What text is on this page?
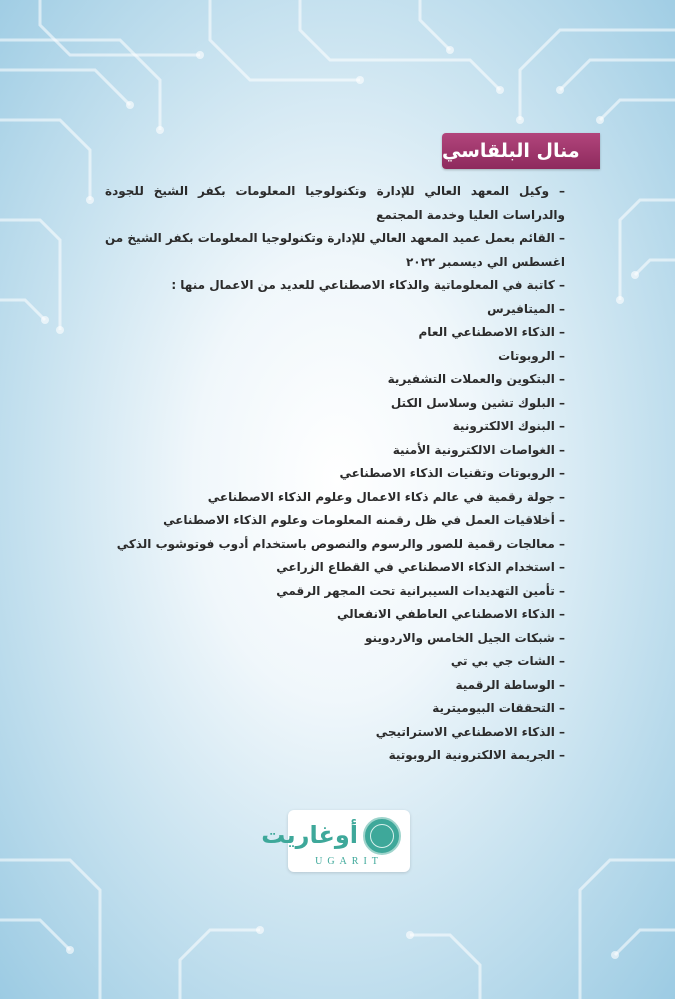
منال البلقاسي
– وكيل المعهد العالي للإدارة وتكنولوجيا المعلومات بكفر الشيخ للجودة والدراسات العليا وخدمة المجتمع
– القائم بعمل عميد المعهد العالي للإدارة وتكنولوجيا المعلومات بكفر الشيخ من اغسطس الي ديسمبر ٢٠٢٢
– كاتبة في المعلوماتية والذكاء الاصطناعي للعديد من الاعمال منها :
– الميتافيرس
– الذكاء الاصطناعي العام
– الروبوتات
– البتكوين والعملات التشفيرية
– البلوك تشين وسلاسل الكتل
– البنوك الالكترونية
– الغواصات الالكترونية الأمنية
– الروبوتات وتقنيات الذكاء الاصطناعي
– جولة رقمية في عالم ذكاء الاعمال وعلوم الذكاء الاصطناعي
– أخلاقيات العمل في ظل رقمنه المعلومات وعلوم الذكاء الاصطناعي
– معالجات رقمية للصور والرسوم والنصوص باستخدام أدوب فوتوشوب الذكي
– استخدام الذكاء الاصطناعي في القطاع الزراعي
– تأمين التهديدات السيبرانية تحت المجهر الرقمي
– الذكاء الاصطناعي العاطفي الانفعالي
– شبكات الجيل الخامس والاردوينو
– الشات جي بي تي
– الوساطة الرقمية
– التحققات البيوميترية
– الذكاء الاصطناعي الاستراتيجي
– الجريمة الالكترونية الروبوتية
أوغاريت
UGARIT
